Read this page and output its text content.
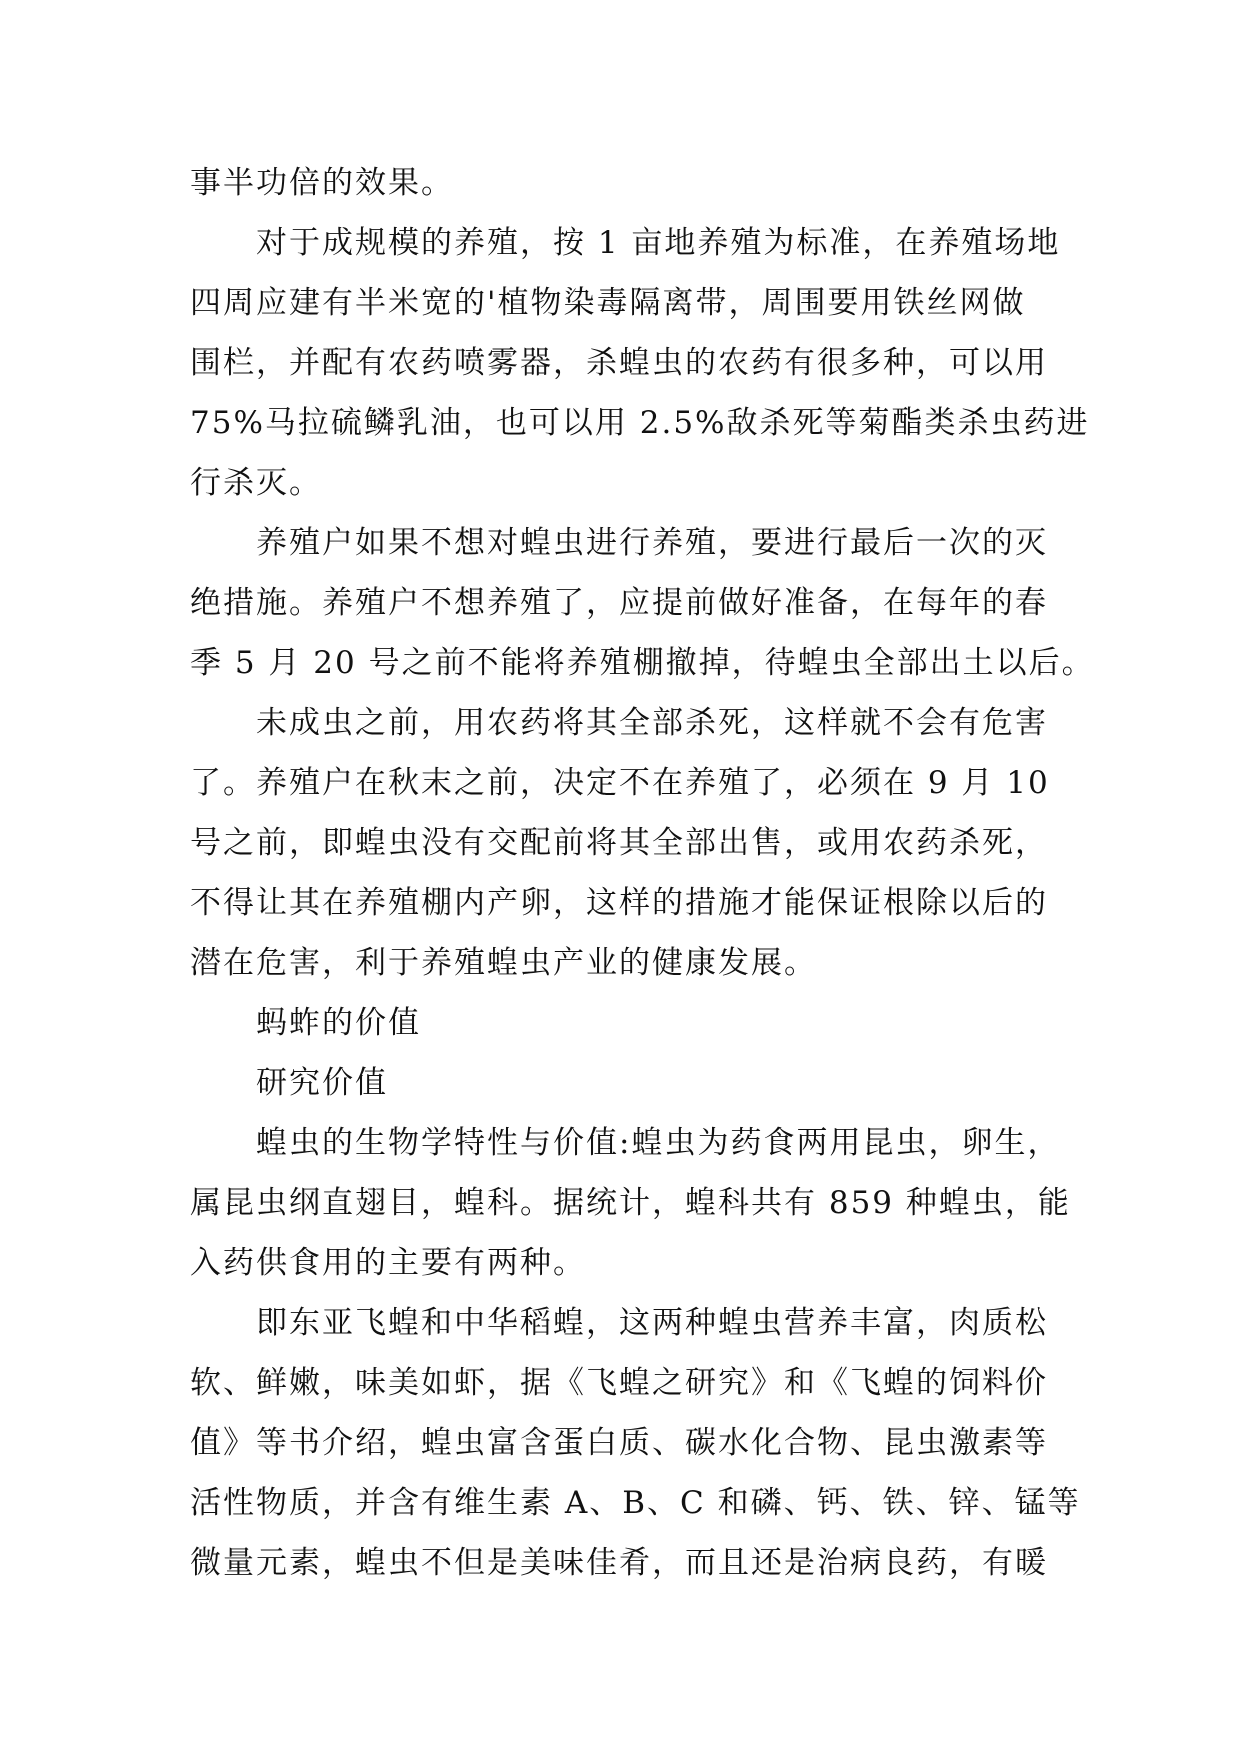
事半功倍的效果。
对于成规模的养殖，按 1 亩地养殖为标准，在养殖场地
四周应建有半米宽的'植物染毒隔离带，周围要用铁丝网做
围栏，并配有农药喷雾器，杀蝗虫的农药有很多种，可以用
75%马拉硫鳞乳油，也可以用 2.5%敌杀死等菊酯类杀虫药进
行杀灭。
养殖户如果不想对蝗虫进行养殖，要进行最后一次的灭
绝措施。养殖户不想养殖了，应提前做好准备，在每年的春
季 5 月 20 号之前不能将养殖棚撤掉，待蝗虫全部出土以后。
未成虫之前，用农药将其全部杀死，这样就不会有危害
了。养殖户在秋末之前，决定不在养殖了，必须在 9 月 10
号之前，即蝗虫没有交配前将其全部出售，或用农药杀死，
不得让其在养殖棚内产卵，这样的措施才能保证根除以后的
潜在危害，利于养殖蝗虫产业的健康发展。
蚂蚱的价值
研究价值
蝗虫的生物学特性与价值:蝗虫为药食两用昆虫，卵生，
属昆虫纲直翅目，蝗科。据统计，蝗科共有 859 种蝗虫，能
入药供食用的主要有两种。
即东亚飞蝗和中华稻蝗，这两种蝗虫营养丰富，肉质松
软、鲜嫩，味美如虾，据《飞蝗之研究》和《飞蝗的饲料价
值》等书介绍，蝗虫富含蛋白质、碳水化合物、昆虫激素等
活性物质，并含有维生素 A、B、C 和磷、钙、铁、锌、锰等
微量元素，蝗虫不但是美味佳肴，而且还是治病良药，有暖
